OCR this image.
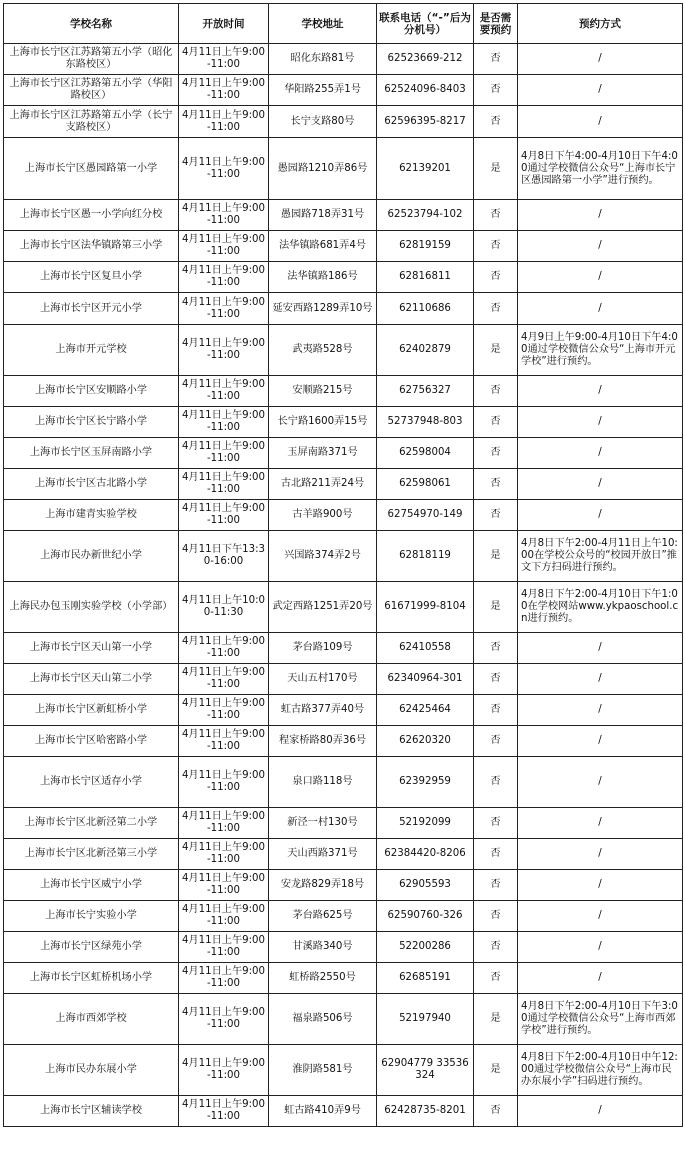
学校名称	开放时间	学校地址	联系电话（“-”后为分机号）	是否需要预约	预约方式
上海市长宁区江苏路第五小学（昭化东路校区）	4月11日上午9:00-11:00	昭化东路81号	62523669-212	否	/
上海市长宁区江苏路第五小学（华阳路校区）	4月11日上午9:00-11:00	华阳路255弄1号	62524096-8403	否	/
上海市长宁区江苏路第五小学（长宁支路校区）	4月11日上午9:00-11:00	长宁支路80号	62596395-8217	否	/
上海市长宁区愚园路第一小学	4月11日上午9:00-11:00	愚园路1210弄86号	62139201	是	4月8日下午4:00-4月10日下午4:00通过学校微信公众号“上海市长宁区愚园路第一小学”进行预约。
上海市长宁区愚一小学向红分校	4月11日上午9:00-11:00	愚园路718弄31号	62523794-102	否	/
上海市长宁区法华镇路第三小学	4月11日上午9:00-11:00	法华镇路681弄4号	62819159	否	/
上海市长宁区复旦小学	4月11日上午9:00-11:00	法华镇路186号	62816811	否	/
上海市长宁区开元小学	4月11日上午9:00-11:00	延安西路1289弄10号	62110686	否	/
上海市开元学校	4月11日上午9:00-11:00	武夷路528号	62402879	是	4月9日上午9:00-4月10日下午4:00通过学校微信公众号“上海市开元学校”进行预约。
上海市长宁区安顺路小学	4月11日上午9:00-11:00	安顺路215号	62756327	否	/
上海市长宁区长宁路小学	4月11日上午9:00-11:00	长宁路1600弄15号	52737948-803	否	/
上海市长宁区玉屏南路小学	4月11日上午9:00-11:00	玉屏南路371号	62598004	否	/
上海市长宁区古北路小学	4月11日上午9:00-11:00	古北路211弄24号	62598061	否	/
上海市建青实验学校	4月11日上午9:00-11:00	古羊路900号	62754970-149	否	/
上海市民办新世纪小学	4月11日下午13:30-16:00	兴国路374弄2号	62818119	是	4月8日下午2:00-4月11日上午10:00在学校公众号的“校园开放日”推文下方扫码进行预约。
上海民办包玉刚实验学校（小学部）	4月11日上午10:00-11:30	武定西路1251弄20号	61671999-8104	是	4月8日下午2:00-4月10日下午1:00在学校网站www.ykpaoschool.cn进行预约。
上海市长宁区天山第一小学	4月11日上午9:00-11:00	茅台路109号	62410558	否	/
上海市长宁区天山第二小学	4月11日上午9:00-11:00	天山五村170号	62340964-301	否	/
上海市长宁区新虹桥小学	4月11日上午9:00-11:00	虹古路377弄40号	62425464	否	/
上海市长宁区哈密路小学	4月11日上午9:00-11:00	程家桥路80弄36号	62620320	否	/
上海市长宁区适存小学	4月11日上午9:00-11:00	泉口路118号	62392959	否	/
上海市长宁区北新泾第二小学	4月11日上午9:00-11:00	新泾一村130号	52192099	否	/
上海市长宁区北新泾第三小学	4月11日上午9:00-11:00	天山西路371号	62384420-8206	否	/
上海市长宁区威宁小学	4月11日上午9:00-11:00	安龙路829弄18号	62905593	否	/
上海市长宁实验小学	4月11日上午9:00-11:00	茅台路625号	62590760-326	否	/
上海市长宁区绿苑小学	4月11日上午9:00-11:00	甘溪路340号	52200286	否	/
上海市长宁区虹桥机场小学	4月11日上午9:00-11:00	虹桥路2550号	62685191	否	/
上海市西郊学校	4月11日上午9:00-11:00	福泉路506号	52197940	是	4月8日下午2:00-4月10日下午3:00通过学校微信公众号“上海市西郊学校”进行预约。
上海市民办东展小学	4月11日上午9:00-11:00	淮阴路581号	62904779 33536324	是	4月8日下午2:00-4月10日中午12:00通过学校微信公众号“上海市民办东展小学”扫码进行预约。
上海市长宁区辅读学校	4月11日上午9:00-11:00	虹古路410弄9号	62428735-8201	否	/
